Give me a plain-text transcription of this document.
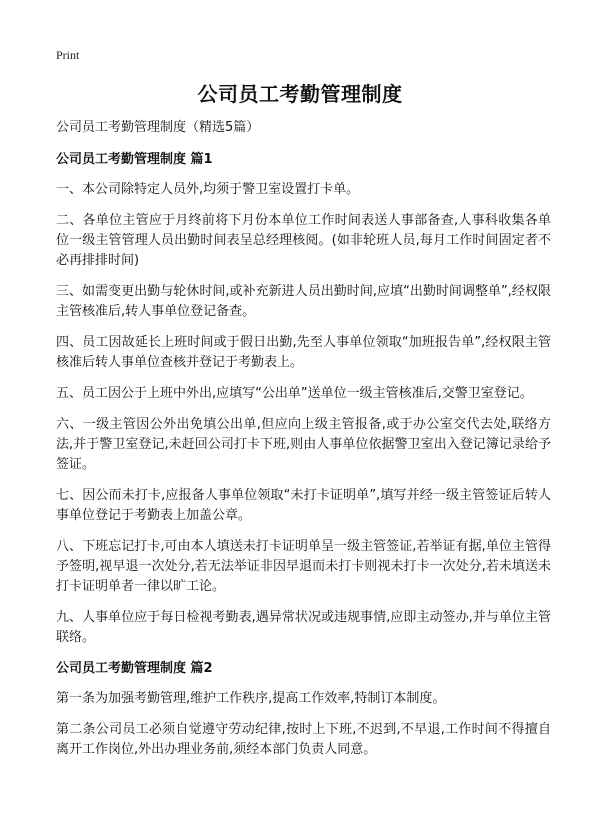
Print
公司员工考勤管理制度

公司员工考勤管理制度（精选5篇）

公司员工考勤管理制度 篇1

一、本公司除特定人员外,均须于警卫室设置打卡单。

二、各单位主管应于月终前将下月份本单位工作时间表送人事部备查,人事科收集各单位一级主管管理人员出勤时间表呈总经理核阅。(如非轮班人员,每月工作时间固定者不必再排排时间)

三、如需变更出勤与轮休时间,或补充新进人员出勤时间,应填“出勤时间调整单”,经权限主管核准后,转人事单位登记备查。

四、员工因故延长上班时间或于假日出勤,先至人事单位领取“加班报告单”,经权限主管核准后转人事单位查核并登记于考勤表上。

五、员工因公于上班中外出,应填写“公出单”送单位一级主管核准后,交警卫室登记。

六、一级主管因公外出免填公出单,但应向上级主管报备,或于办公室交代去处,联络方法,并于警卫室登记,未赶回公司打卡下班,则由人事单位依据警卫室出入登记簿记录给予签证。

七、因公而未打卡,应报备人事单位领取“未打卡证明单”,填写并经一级主管签证后转人事单位登记于考勤表上加盖公章。

八、下班忘记打卡,可由本人填送未打卡证明单呈一级主管签证,若举证有据,单位主管得予签明,视早退一次处分,若无法举证非因早退而未打卡则视未打卡一次处分,若未填送未打卡证明单者一律以旷工论。

九、人事单位应于每日检视考勤表,遇异常状况或违规事情,应即主动签办,并与单位主管联络。

公司员工考勤管理制度 篇2

第一条为加强考勤管理,维护工作秩序,提高工作效率,特制订本制度。

第二条公司员工必须自觉遵守劳动纪律,按时上下班,不迟到,不早退,工作时间不得擅自离开工作岗位,外出办理业务前,须经本部门负责人同意。
